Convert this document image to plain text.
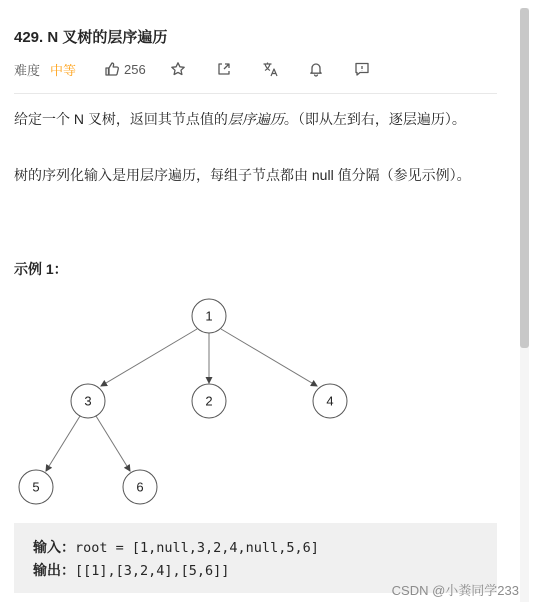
429. N 叉树的层序遍历
难度 中等	256
给定一个 N 叉树，返回其节点值的层序遍历。（即从左到右，逐层遍历）。
树的序列化输入是用层序遍历，每组子节点都由 null 值分隔（参见示例）。
示例 1：
1
3	2	4
5	6
输入：root = [1,null,3,2,4,null,5,6]
输出：[[1],[3,2,4],[5,6]]
CSDN @小粪同学233
